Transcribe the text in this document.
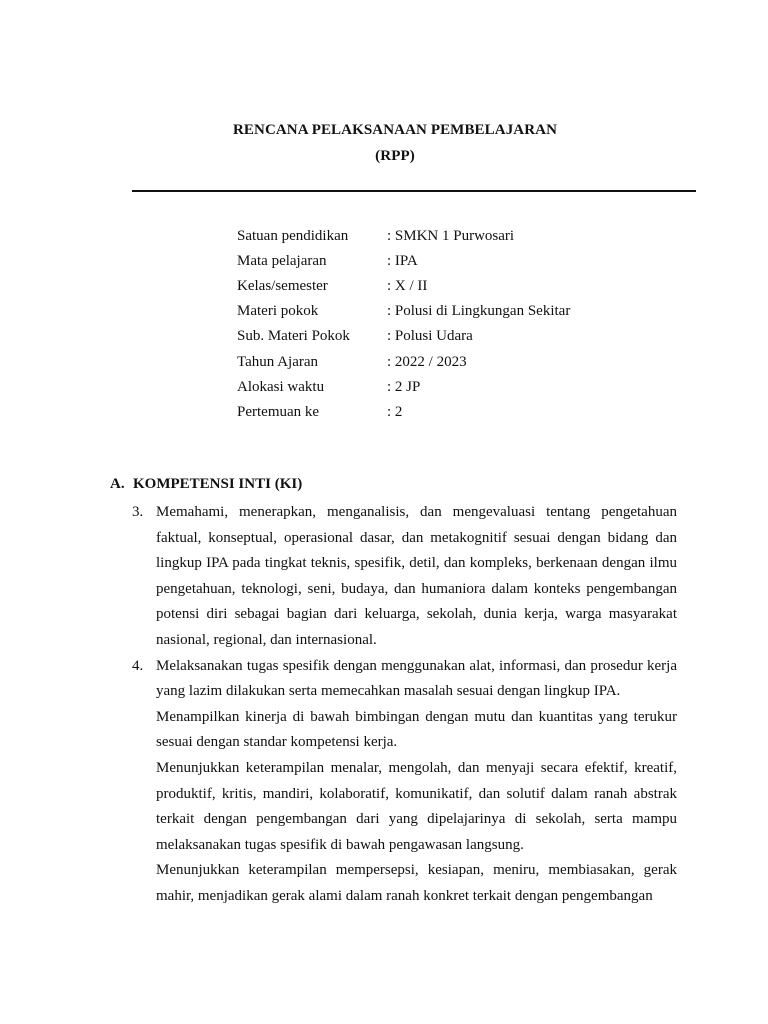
RENCANA PELAKSANAAN PEMBELAJARAN
(RPP)
Satuan pendidikan	: SMKN 1 Purwosari
Mata pelajaran	: IPA
Kelas/semester	: X / II
Materi pokok	: Polusi di Lingkungan Sekitar
Sub. Materi Pokok	: Polusi Udara
Tahun Ajaran	: 2022 / 2023
Alokasi waktu	: 2 JP
Pertemuan ke	: 2
A. KOMPETENSI INTI (KI)
3. Memahami, menerapkan, menganalisis, dan mengevaluasi tentang pengetahuan faktual, konseptual, operasional dasar, dan metakognitif sesuai dengan bidang dan lingkup IPA pada tingkat teknis, spesifik, detil, dan kompleks, berkenaan dengan ilmu pengetahuan, teknologi, seni, budaya, dan humaniora dalam konteks pengembangan potensi diri sebagai bagian dari keluarga, sekolah, dunia kerja, warga masyarakat nasional, regional, dan internasional.

4. Melaksanakan tugas spesifik dengan menggunakan alat, informasi, dan prosedur kerja yang lazim dilakukan serta memecahkan masalah sesuai dengan lingkup IPA.

Menampilkan kinerja di bawah bimbingan dengan mutu dan kuantitas yang terukur sesuai dengan standar kompetensi kerja.

Menunjukkan keterampilan menalar, mengolah, dan menyaji secara efektif, kreatif, produktif, kritis, mandiri, kolaboratif, komunikatif, dan solutif dalam ranah abstrak terkait dengan pengembangan dari yang dipelajarinya di sekolah, serta mampu melaksanakan tugas spesifik di bawah pengawasan langsung.

Menunjukkan keterampilan mempersepsi, kesiapan, meniru, membiasakan, gerak mahir, menjadikan gerak alami dalam ranah konkret terkait dengan pengembangan
